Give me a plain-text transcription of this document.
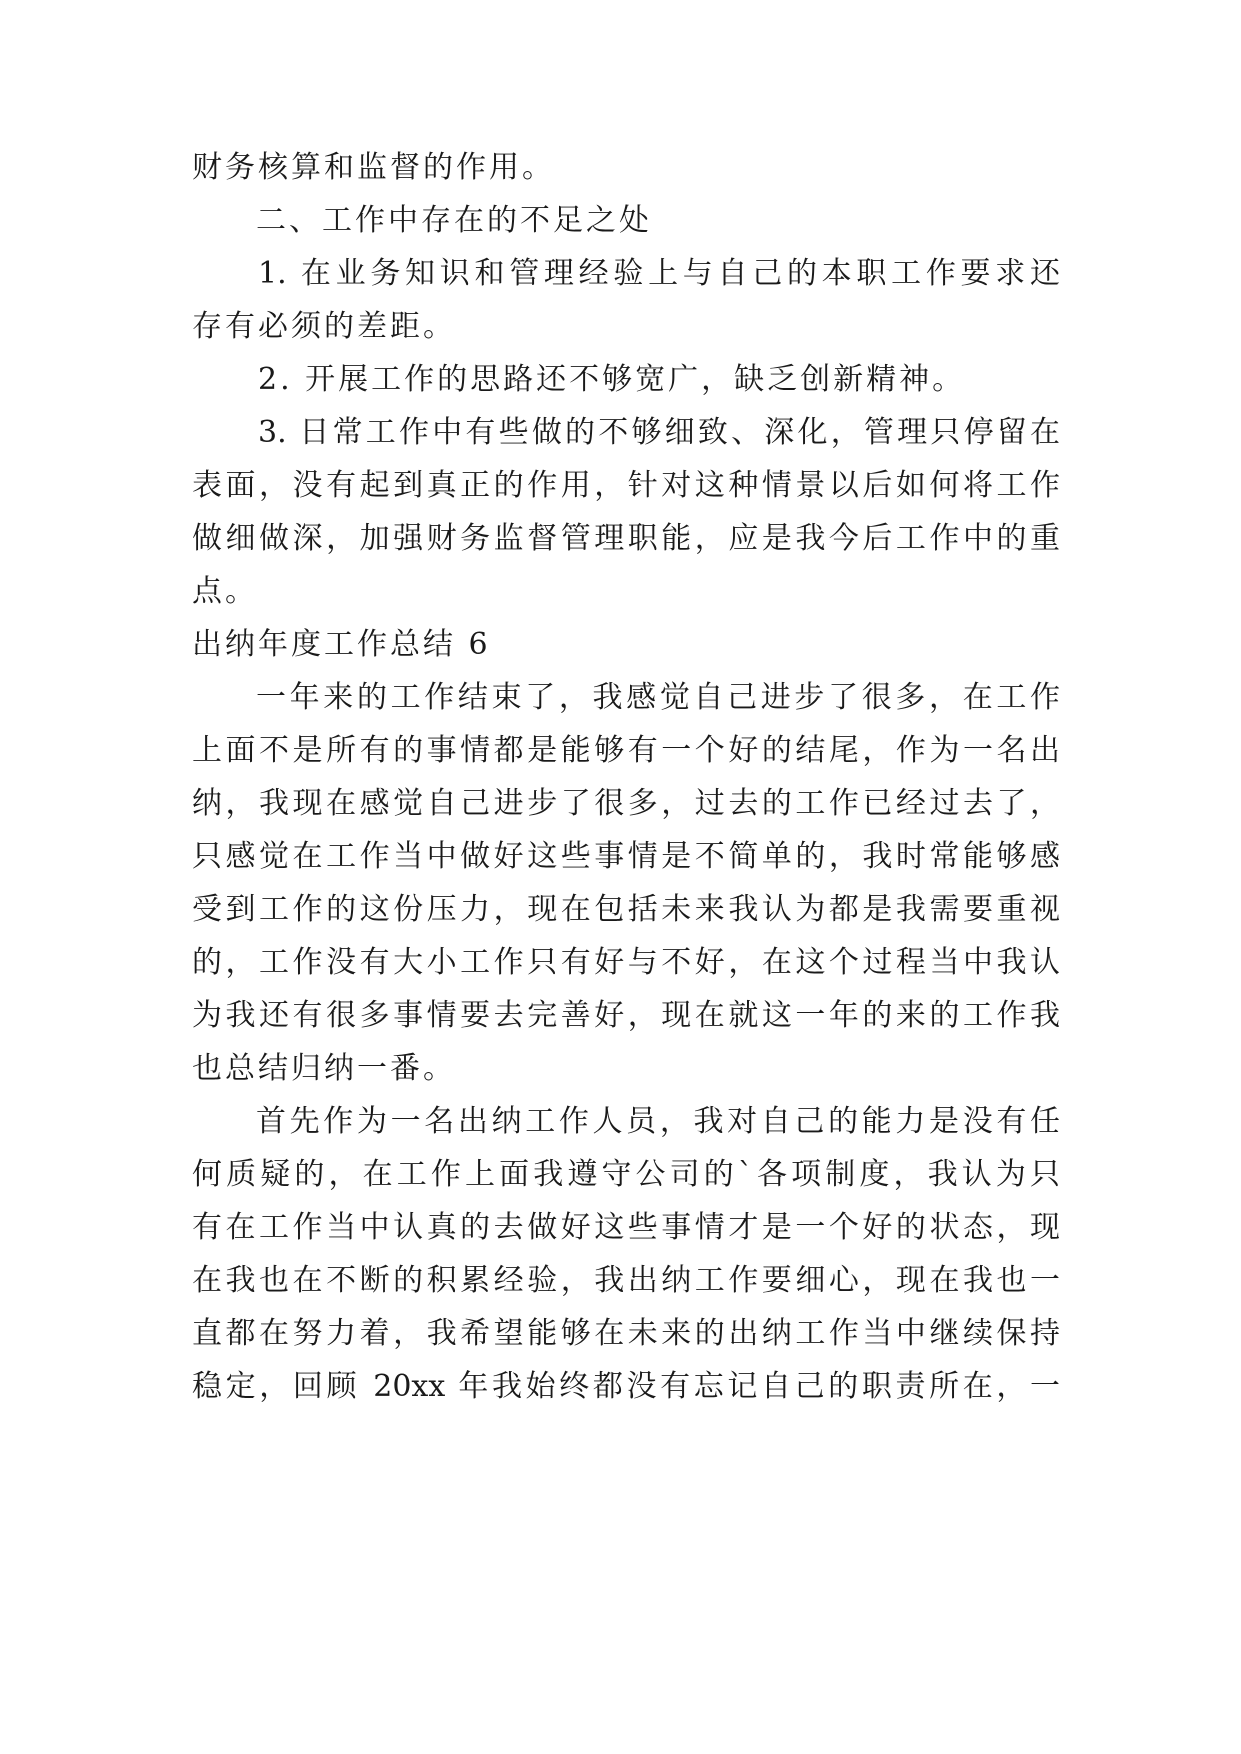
财务核算和监督的作用。
二、工作中存在的不足之处
1. 在业务知识和管理经验上与自己的本职工作要求还
存有必须的差距。
2. 开展工作的思路还不够宽广，缺乏创新精神。
3. 日常工作中有些做的不够细致、深化，管理只停留在
表面，没有起到真正的作用，针对这种情景以后如何将工作
做细做深，加强财务监督管理职能，应是我今后工作中的重
点。
出纳年度工作总结 6
一年来的工作结束了，我感觉自己进步了很多，在工作
上面不是所有的事情都是能够有一个好的结尾，作为一名出
纳，我现在感觉自己进步了很多，过去的工作已经过去了，
只感觉在工作当中做好这些事情是不简单的，我时常能够感
受到工作的这份压力，现在包括未来我认为都是我需要重视
的，工作没有大小工作只有好与不好，在这个过程当中我认
为我还有很多事情要去完善好，现在就这一年的来的工作我
也总结归纳一番。
首先作为一名出纳工作人员，我对自己的能力是没有任
何质疑的，在工作上面我遵守公司的`各项制度，我认为只
有在工作当中认真的去做好这些事情才是一个好的状态，现
在我也在不断的积累经验，我出纳工作要细心，现在我也一
直都在努力着，我希望能够在未来的出纳工作当中继续保持
稳定，回顾 20xx 年我始终都没有忘记自己的职责所在，一
